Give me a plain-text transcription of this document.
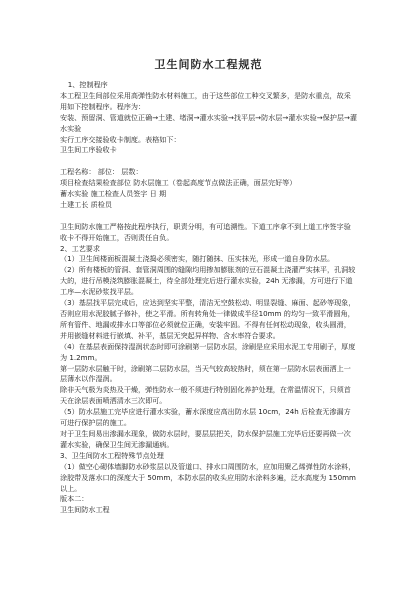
卫生间防水工程规范
1、控制程序
本工程卫生间部位采用高弹性防水材料施工，由于这些部位工种交叉繁多，是防水重点，故采用如下控制程序。程序为：
安装、预留洞、管道就位正确→土建、堵洞→灌水实验→找平层→防水层→灌水实验→保护层→灌水实验
实行工序交接验收卡制度。表格如下：
卫生间工序验收卡
工程名称： 部位： 层数：
项目检查结果检查部位 防水层施工（卷起高度节点做法正确，面层完好等）
蓄水实验 施工检查人员签字 日 期
土建工长 质检员
卫生间防水施工严格按此程序执行，职责分明，有可追溯性。下道工序拿不到上道工序签字验收卡不得开始施工，否则责任自负。
2、工艺要求
（1）卫生间楼面板混凝土浇捣必须密实，随打随抹、压实抹光，形成一道自身防水层。
（2）所有楼板的管洞、套管洞周围的缝隙均用掺加膨胀剂的豆石混凝土浇灌严实抹平，孔洞较大的，进行吊模浇筑膨胀混凝土，待全部处理完后进行灌水实验，24h 无渗漏，方可进行下道工序—水泥砂浆找平层。
（3）基层找平层完成后，应达到坚实平整，清洁无空鼓松动、明显裂缝、麻面、起砂等现象，否则应用水泥胶腻子修补，使之平滑。所有转角处一律做成半径10mm 的均匀一致平滑圆角，所有管件、地漏或排水口等部位必须就位正确，安装牢固。不得有任何松动现象，收头圆滑，并用嵌缝材料进行嵌填、补平，基层无突起异样物、含水率符合要求。
（4）在基层表面保持湿润状态时即可涂刷第一层防水层，涂刷是应采用水泥工专用刷子，厚度为 1.2mm。
第一层防水层触干时，涂刷第二层防水层，当天气较高较热时，须在第一层防水层表面洒上一层薄水以作湿润。
除非天气极为炎热及干燥，弹性防水一般不须进行特别固化养护处理，在常温情况下，只须首天在涂层表面喷洒清水三次即可。
（5）防水层施工完毕应进行灌水实验，蓄水深度应高出防水层 10cm，24h 后检查无渗漏方可进行保护层的施工。
对于卫生间易出渗漏水现象，做防水层时，要层层把关，防水保护层施工完毕后还要再做一次灌水实验，确保卫生间无渗漏通病。
3、卫生间防水工程特殊节点处理
（1）做空心砌体墙脚防水砂浆层以及管道口、排水口周围防水，应加用聚乙烯弹性防水涂料，涂胶带及落水口的深度大于 50mm，本防水层的收头应用防水涂料多遍，泛水高度为 150mm 以上。
版本二：
卫生间防水工程
